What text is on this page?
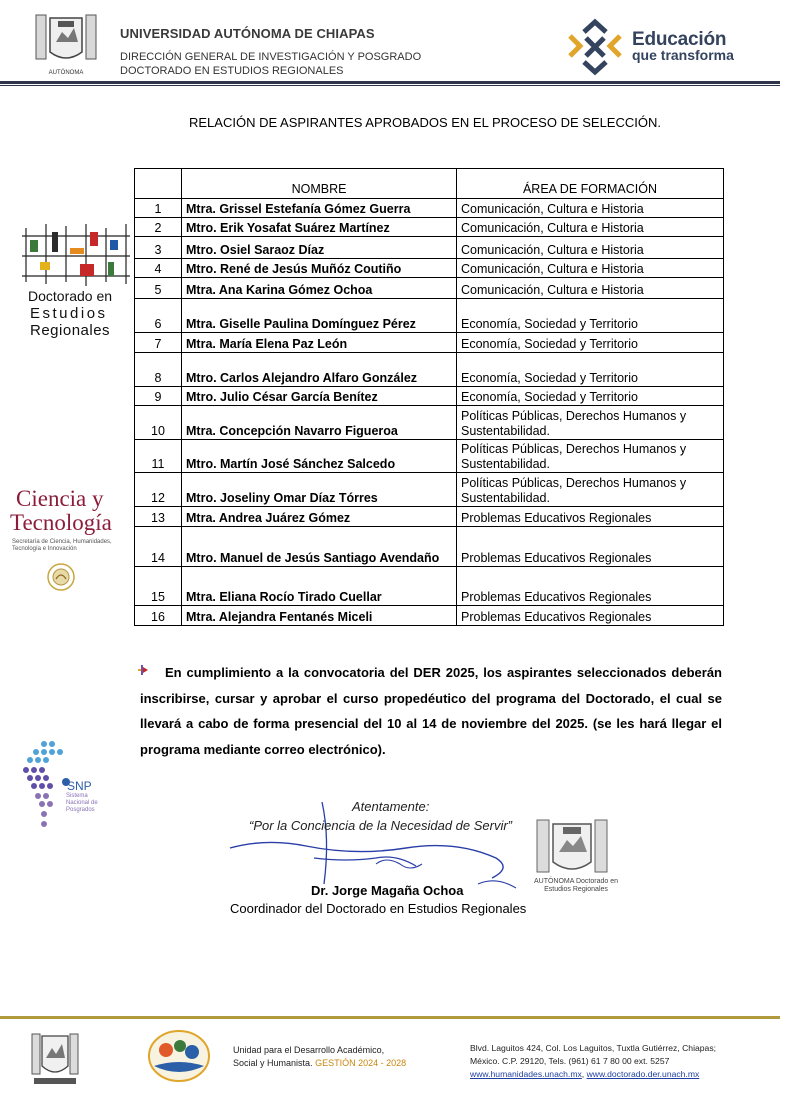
AUTÓNOMA
UNIVERSIDAD AUTÓNOMA DE CHIAPAS
DIRECCIÓN GENERAL DE INVESTIGACIÓN Y POSGRADO
DOCTORADO EN ESTUDIOS REGIONALES
Educación
que transforma
RELACIÓN DE ASPIRANTES APROBADOS EN EL PROCESO DE SELECCIÓN.
Doctorado en
Estudios
Regionales
Ciencia y
Tecnología
Secretaría de Ciencia, Humanidades, Tecnología e Innovación
SNP
Sistema Nacional de Posgrados
	NOMBRE	ÁREA DE FORMACIÓN
1	Mtra. Grissel Estefanía Gómez Guerra	Comunicación, Cultura e Historia
2	Mtro. Erik Yosafat Suárez Martínez	Comunicación, Cultura e Historia
3	Mtro. Osiel Saraoz Díaz	Comunicación, Cultura e Historia
4	Mtro. René de Jesús Muñóz Coutiño	Comunicación, Cultura e Historia
5	Mtra. Ana Karina Gómez Ochoa	Comunicación, Cultura e Historia
6	Mtra. Giselle Paulina Domínguez Pérez	Economía, Sociedad y Territorio
7	Mtra. María Elena Paz León	Economía, Sociedad y Territorio
8	Mtro. Carlos Alejandro Alfaro González	Economía, Sociedad y Territorio
9	Mtro. Julio César García Benítez	Economía, Sociedad y Territorio
10	Mtra. Concepción Navarro Figueroa	Políticas Públicas, Derechos Humanos y Sustentabilidad.
11	Mtro. Martín José Sánchez Salcedo	Políticas Públicas, Derechos Humanos y Sustentabilidad.
12	Mtro. Joseliny Omar Díaz Tórres	Políticas Públicas, Derechos Humanos y Sustentabilidad.
13	Mtra. Andrea Juárez Gómez	Problemas Educativos Regionales
14	Mtro. Manuel de Jesús Santiago Avendaño	Problemas Educativos Regionales
15	Mtra. Eliana Rocío Tirado Cuellar	Problemas Educativos Regionales
16	Mtra. Alejandra Fentanés Miceli	Problemas Educativos Regionales
En cumplimiento a la convocatoria del DER 2025, los aspirantes seleccionados deberán inscribirse, cursar y aprobar el curso propedéutico del programa del Doctorado, el cual se llevará a cabo de forma presencial del 10 al 14 de noviembre del 2025. (se les hará llegar el programa mediante correo electrónico).
Atentamente:
“Por la Conciencia de la Necesidad de Servir”
AUTÓNOMA Doctorado en Estudios Regionales
Dr. Jorge Magaña Ochoa
Coordinador del Doctorado en Estudios Regionales
Unidad para el Desarrollo Académico,
Social y Humanista. GESTIÓN 2024 - 2028
Blvd. Laguitos 424, Col. Los Laguitos, Tuxtla Gutiérrez, Chiapas;
México. C.P. 29120, Tels. (961) 61 7 80 00 ext. 5257
www.humanidades.unach.mx, www.doctorado.der.unach.mx
